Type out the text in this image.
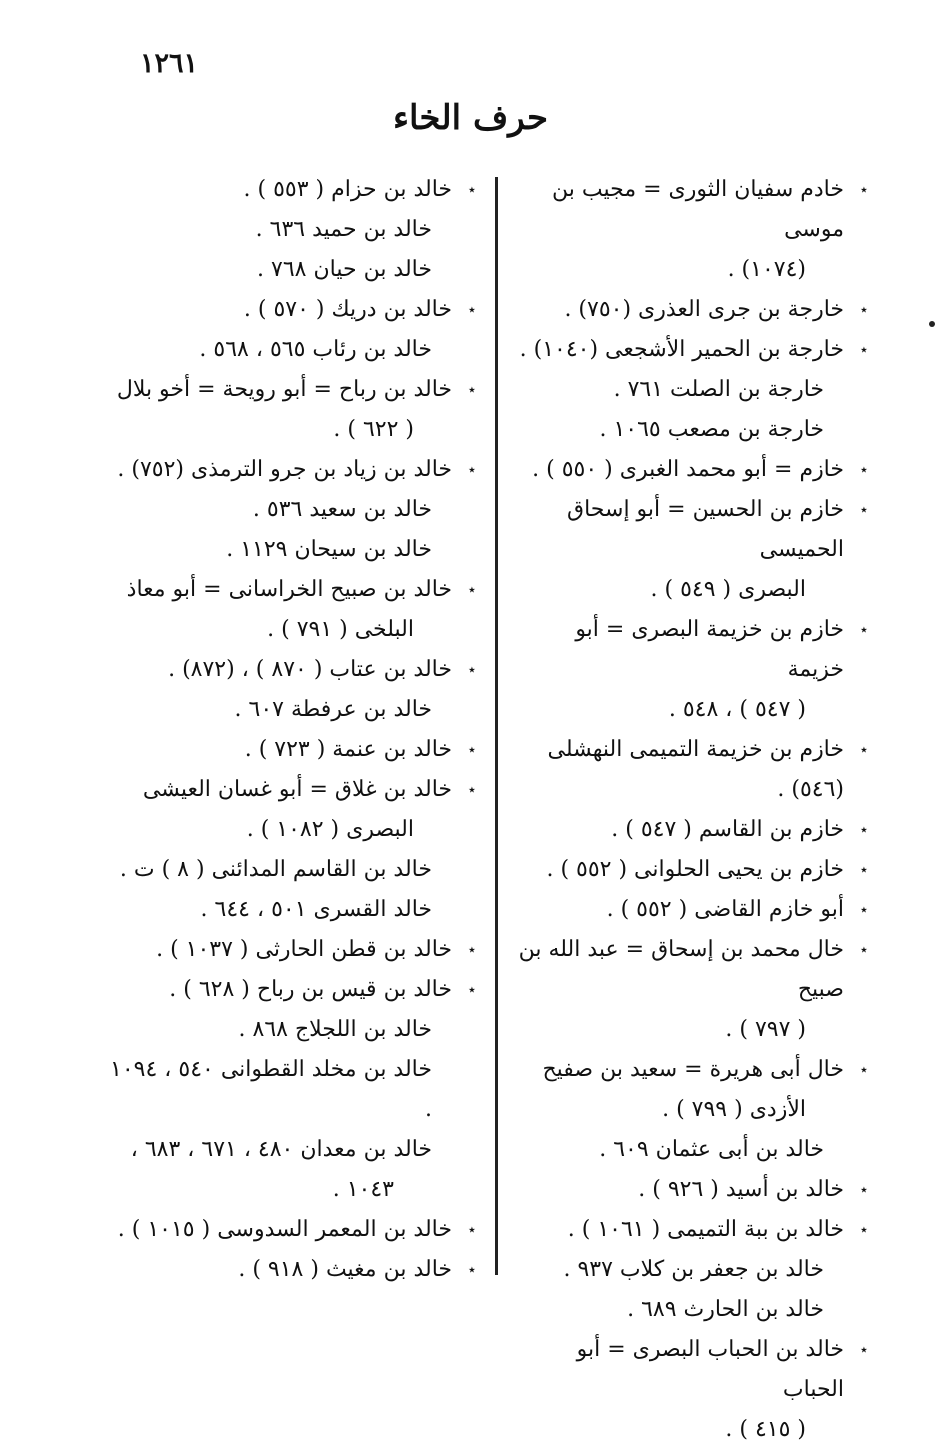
١٢٦١
حرف الخاء
٭
خادم سفيان الثورى = مجيب بن موسى
(١٠٧٤) .
٭
خارجة بن جرى العذرى (٧٥٠) .
٭
خارجة بن الحمير الأشجعى (١٠٤٠) .
خارجة بن الصلت ٧٦١ .
خارجة بن مصعب ١٠٦٥ .
٭
خازم = أبو محمد الغبرى ( ٥٥٠ ) .
٭
خازم بن الحسين = أبو إسحاق الحميسى
البصرى ( ٥٤٩ ) .
٭
خازم بن خزيمة البصرى = أبو خزيمة
( ٥٤٧ ) ، ٥٤٨ .
٭
خازم بن خزيمة التميمى النهشلى (٥٤٦) .
٭
خازم بن القاسم ( ٥٤٧ ) .
٭
خازم بن يحيى الحلوانى ( ٥٥٢ ) .
٭
أبو خازم القاضى ( ٥٥٢ ) .
٭
خال محمد بن إسحاق = عبد الله بن صبيح
( ٧٩٧ ) .
٭
خال أبى هريرة = سعيد بن صفيح
الأزدى ( ٧٩٩ ) .
خالد بن أبى عثمان ٦٠٩ .
٭
خالد بن أسيد ( ٩٢٦ ) .
٭
خالد بن ببة التميمى ( ١٠٦١ ) .
خالد بن جعفر بن كلاب ٩٣٧ .
خالد بن الحارث ٦٨٩ .
٭
خالد بن الحباب البصرى = أبو الحباب
( ٤١٥ ) .
٭
خالد بن حزام ( ٥٥٣ ) .
خالد بن حميد ٦٣٦ .
خالد بن حيان ٧٦٨ .
٭
خالد بن دريك ( ٥٧٠ ) .
خالد بن رئاب ٥٦٥ ، ٥٦٨ .
٭
خالد بن رباح = أبو رويحة = أخو بلال
( ٦٢٢ ) .
٭
خالد بن زياد بن جرو الترمذى (٧٥٢) .
خالد بن سعيد ٥٣٦ .
خالد بن سيحان ١١٢٩ .
٭
خالد بن صبيح الخراسانى = أبو معاذ
البلخى ( ٧٩١ ) .
٭
خالد بن عتاب ( ٨٧٠ ) ، (٨٧٢) .
خالد بن عرفطة ٦٠٧ .
٭
خالد بن عنمة ( ٧٢٣ ) .
٭
خالد بن غلاق = أبو غسان العيشى
البصرى ( ١٠٨٢ ) .
خالد بن القاسم المدائنى ( ٨ ) ت .
خالد القسرى ٥٠١ ، ٦٤٤ .
٭
خالد بن قطن الحارثى ( ١٠٣٧ ) .
٭
خالد بن قيس بن رباح ( ٦٢٨ ) .
خالد بن اللجلاج ٨٦٨ .
خالد بن مخلد القطوانى ٥٤٠ ، ١٠٩٤ .
خالد بن معدان ٤٨٠ ، ٦٧١ ، ٦٨٣ ،
١٠٤٣ .
٭
خالد بن المعمر السدوسى ( ١٠١٥ ) .
٭
خالد بن مغيث ( ٩١٨ ) .
